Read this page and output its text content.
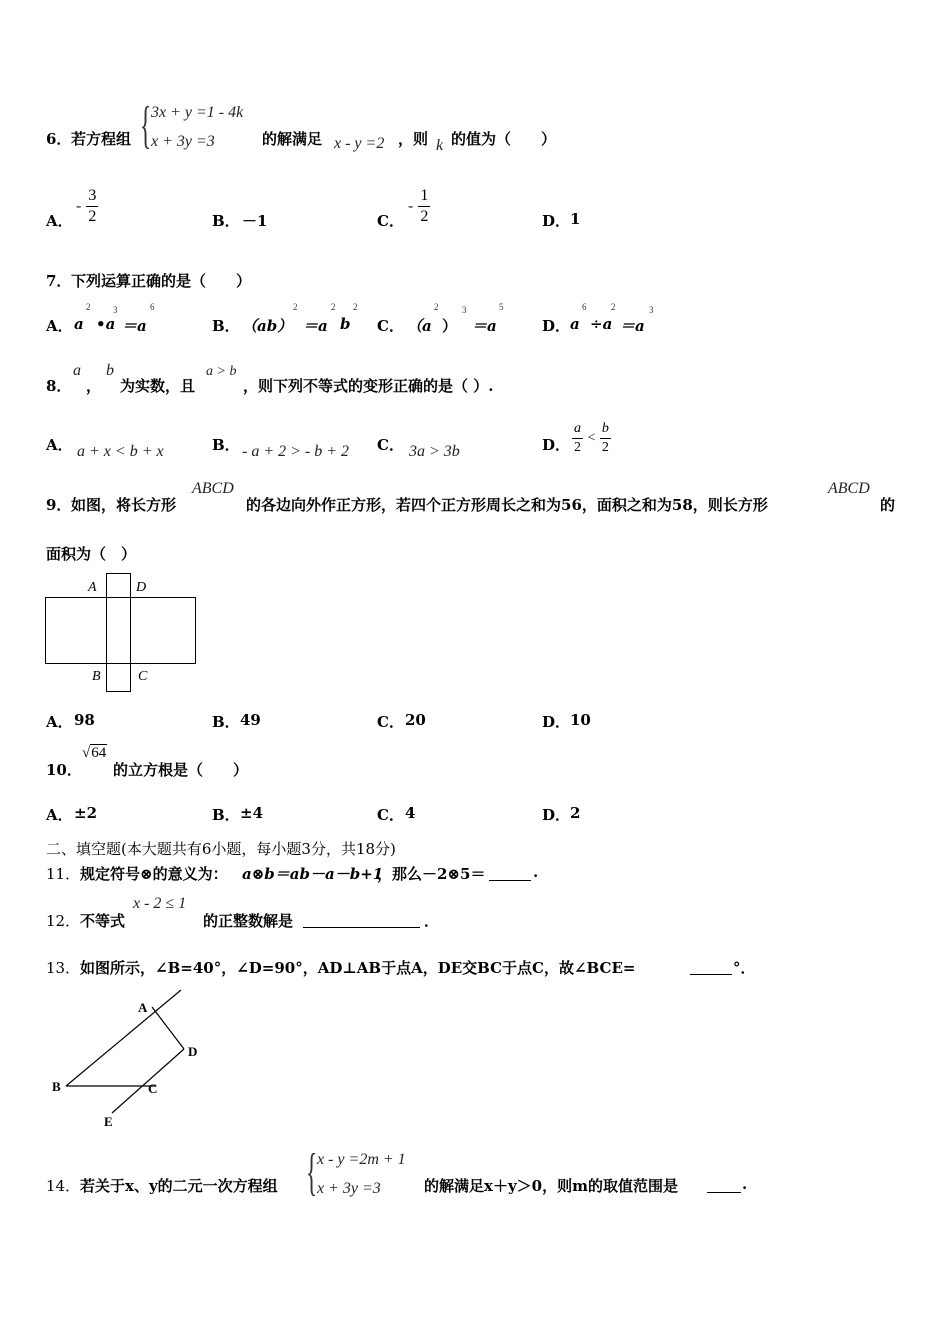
6． 若方程组 { 3x + y =1 - 4k
x + 3y =3	的解满足 x - y =2 ，则 k 的值为（　　）
A．
- $\frac{3}{2}$	B． －1	C．
- $\frac{1}{2}$	D． 1
7． 下列运算正确的是（　　）
A． a
2
•a
3
＝a
6
B． （ab）
2
＝a
2
b
2
C． （a
2
）
3
＝a
5
D． a
6
÷a
2
＝a
3
8．
a
，
b
为实数，且
a > b
，则下列不等式的变形正确的是（ ）.
A． a + x < b + x	B． - a + 2 > - b + 2 C． 3a > 3b	D． $\frac{a}{2} < \frac{b}{2}$
9． 如图，将长方形
ABCD
的各边向外作正方形，若四个正方形周长之和为56，面积之和为58，则长方形
ABCD
的
面积为（　）
A	D
B	C
A． 98	B． 49	C． 20	D． 10
10．
√64
的立方根是（　　）
A． ±2	B． ±4	C． 4	D． 2
二、填空题(本大题共有6小题，每小题3分，共18分)
11． 规定符号⊗的意义为： a⊗b＝ab－a－b+1
，那么－2⊗5＝	.
12． 不等式
x - 2 ≤ 1
的正整数解是	．
13． 如图所示，∠B=40°，∠D=90°，AD⊥AB于点A，DE交BC于点C，故∠BCE=	°．
A
B	C
D
E
14． 若关于x、y的二元一次方程组 { x - y =2m + 1
x + 3y =3	的解满足x＋y＞0，则m的取值范围是	.
